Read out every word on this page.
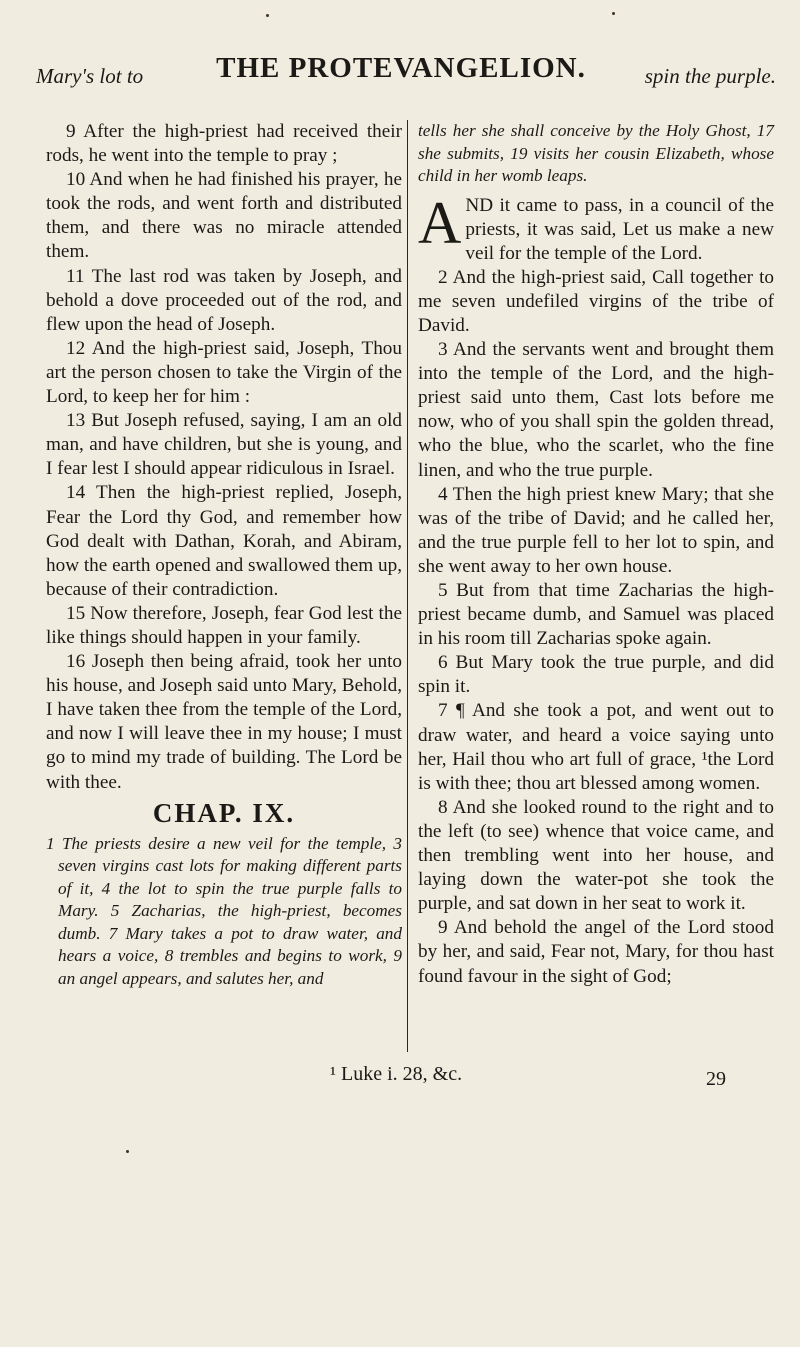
Mary's lot to	THE PROTEVANGELION.	spin the purple.

9 After the high-priest had received their rods, he went into the temple to pray ;

10 And when he had finished his prayer, he took the rods, and went forth and distributed them, and there was no miracle attended them.

11 The last rod was taken by Joseph, and behold a dove proceeded out of the rod, and flew upon the head of Joseph.

12 And the high-priest said, Joseph, Thou art the person chosen to take the Virgin of the Lord, to keep her for him :

13 But Joseph refused, saying, I am an old man, and have children, but she is young, and I fear lest I should appear ridiculous in Israel.

14 Then the high-priest replied, Joseph, Fear the Lord thy God, and remember how God dealt with Dathan, Korah, and Abiram, how the earth opened and swallowed them up, because of their contradiction.

15 Now therefore, Joseph, fear God lest the like things should happen in your family.

16 Joseph then being afraid, took her unto his house, and Joseph said unto Mary, Behold, I have taken thee from the temple of the Lord, and now I will leave thee in my house; I must go to mind my trade of building. The Lord be with thee.

CHAP. IX.

1 The priests desire a new veil for the temple, 3 seven virgins cast lots for making different parts of it, 4 the lot to spin the true purple falls to Mary. 5 Zacharias, the high-priest, becomes dumb. 7 Mary takes a pot to draw water, and hears a voice, 8 trembles and begins to work, 9 an angel appears, and salutes her, and

tells her she shall conceive by the Holy Ghost, 17 she submits, 19 visits her cousin Elizabeth, whose child in her womb leaps.

AND it came to pass, in a council of the priests, it was said, Let us make a new veil for the temple of the Lord.

2 And the high-priest said, Call together to me seven undefiled virgins of the tribe of David.

3 And the servants went and brought them into the temple of the Lord, and the high-priest said unto them, Cast lots before me now, who of you shall spin the golden thread, who the blue, who the scarlet, who the fine linen, and who the true purple.

4 Then the high priest knew Mary; that she was of the tribe of David; and he called her, and the true purple fell to her lot to spin, and she went away to her own house.

5 But from that time Zacharias the high-priest became dumb, and Samuel was placed in his room till Zacharias spoke again.

6 But Mary took the true purple, and did spin it.

7 ¶ And she took a pot, and went out to draw water, and heard a voice saying unto her, Hail thou who art full of grace, ¹the Lord is with thee; thou art blessed among women.

8 And she looked round to the right and to the left (to see) whence that voice came, and then trembling went into her house, and laying down the water-pot she took the purple, and sat down in her seat to work it.

9 And behold the angel of the Lord stood by her, and said, Fear not, Mary, for thou hast found favour in the sight of God;

¹ Luke i. 28, &c.	29
